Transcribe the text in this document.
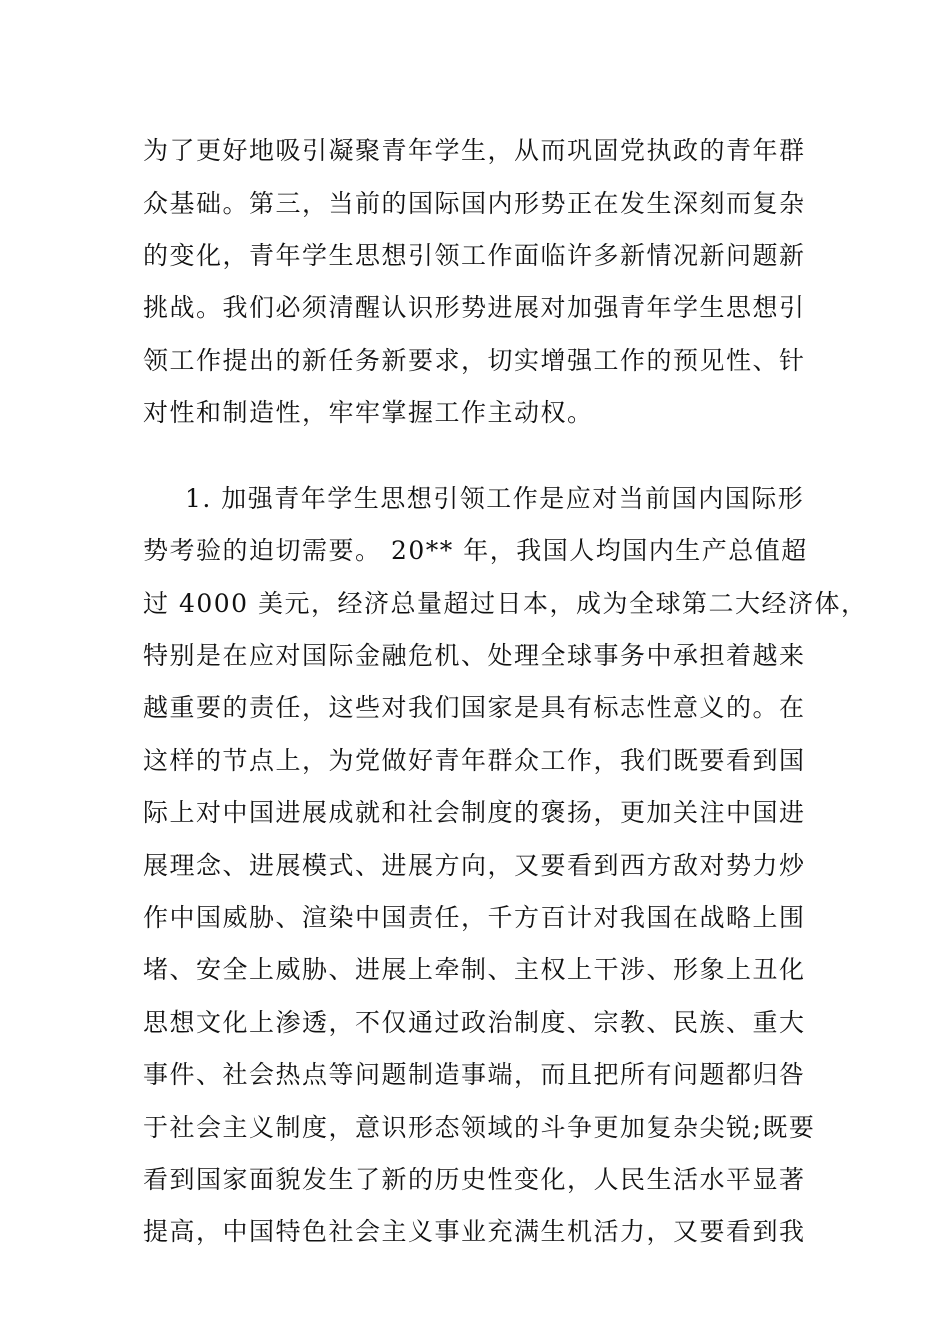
为了更好地吸引凝聚青年学生，从而巩固党执政的青年群
众基础。第三，当前的国际国内形势正在发生深刻而复杂
的变化，青年学生思想引领工作面临许多新情况新问题新
挑战。我们必须清醒认识形势进展对加强青年学生思想引
领工作提出的新任务新要求，切实增强工作的预见性、针
对性和制造性，牢牢掌握工作主动权。
1. 加强青年学生思想引领工作是应对当前国内国际形
势考验的迫切需要。 20** 年，我国人均国内生产总值超
过 4000 美元，经济总量超过日本，成为全球第二大经济体，
特别是在应对国际金融危机、处理全球事务中承担着越来
越重要的责任，这些对我们国家是具有标志性意义的。在
这样的节点上，为党做好青年群众工作，我们既要看到国
际上对中国进展成就和社会制度的褒扬，更加关注中国进
展理念、进展模式、进展方向，又要看到西方敌对势力炒
作中国威胁、渲染中国责任，千方百计对我国在战略上围
堵、安全上威胁、进展上牵制、主权上干涉、形象上丑化
思想文化上渗透，不仅通过政治制度、宗教、民族、重大
事件、社会热点等问题制造事端，而且把所有问题都归咎
于社会主义制度，意识形态领域的斗争更加复杂尖锐;既要
看到国家面貌发生了新的历史性变化，人民生活水平显著
提高，中国特色社会主义事业充满生机活力，又要看到我
